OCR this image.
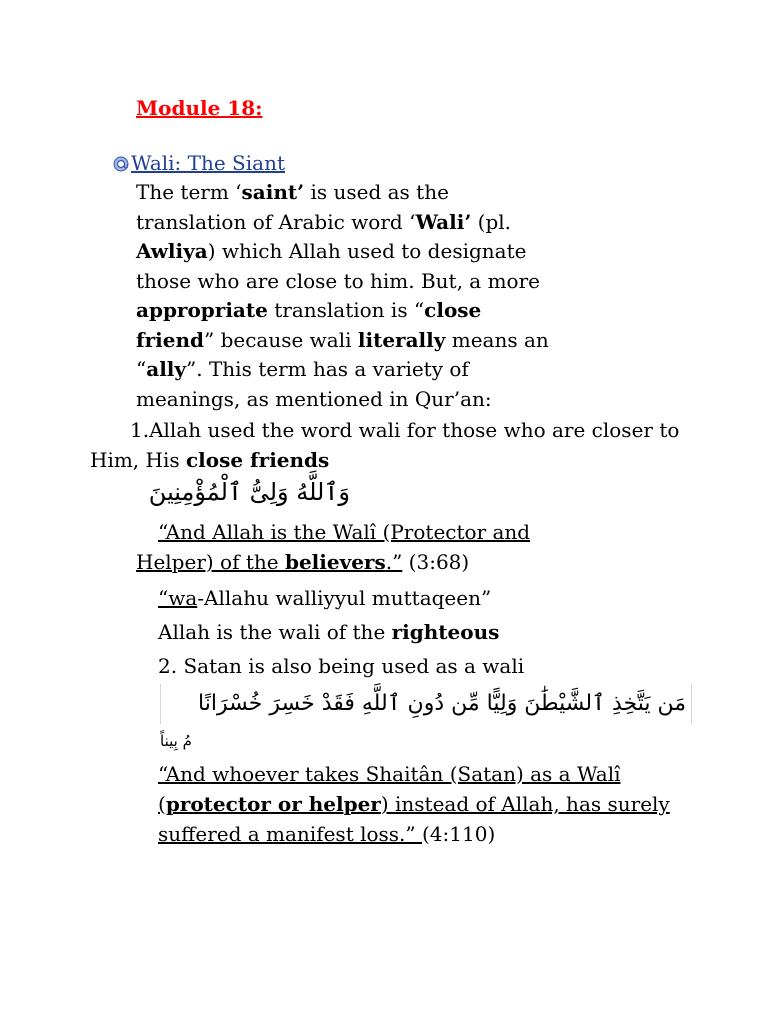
Module 18:
Wali: The Siant
The term ‘saint’ is used as the
translation of Arabic word ‘Wali’ (pl.
Awliya) which Allah used to designate
those who are close to him. But, a more
appropriate translation is “close
friend” because wali literally means an
“ally”. This term has a variety of
meanings, as mentioned in Qur’an:
1.Allah used the word wali for those who are closer to
Him, His close friends
وَٱللَّهُ وَلِىُّ ٱلْمُؤْمِنِينَ
“And Allah is the Walî (Protector and
Helper) of the believers.” (3:68)
“wa-Allahu walliyyul muttaqeen”
Allah is the wali of the righteous
2. Satan is also being used as a wali
مَن يَتَّخِذِ ٱلشَّيْطَٰنَ وَلِيًّا مِّن دُونِ ٱللَّهِ فَقَدْ خَسِرَ خُسْرَانًا
مُ بِيناً
“And whoever takes Shaitân (Satan) as a Walî
(protector or helper) instead of Allah, has surely
suffered a manifest loss.” (4:110)
